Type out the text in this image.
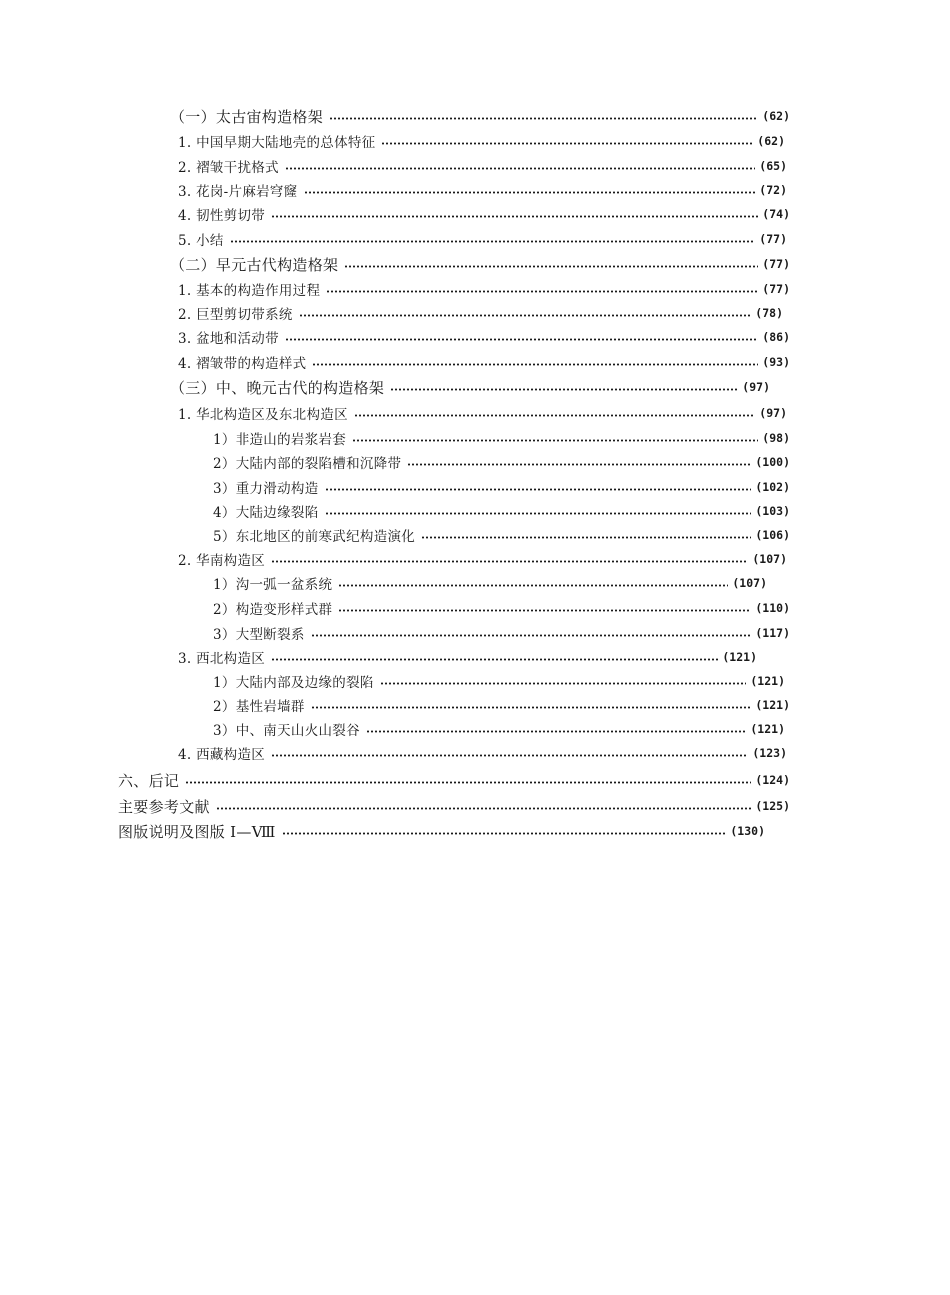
（一）太古宙构造格架	(62)
1. 中国早期大陆地壳的总体特征	(62)
2. 褶皱干扰格式	(65)
3. 花岗-片麻岩穹窿	(72)
4. 韧性剪切带	(74)
5. 小结	(77)
（二）早元古代构造格架	(77)
1. 基本的构造作用过程	(77)
2. 巨型剪切带系统	(78)
3. 盆地和活动带	(86)
4. 褶皱带的构造样式	(93)
（三）中、晚元古代的构造格架	(97)
1. 华北构造区及东北构造区	(97)
1）非造山的岩浆岩套	(98)
2）大陆内部的裂陷槽和沉降带	(100)
3）重力滑动构造	(102)
4）大陆边缘裂陷	(103)
5）东北地区的前寒武纪构造演化	(106)
2. 华南构造区	(107)
1）沟一弧一盆系统	(107)
2）构造变形样式群	(110)
3）大型断裂系	(117)
3. 西北构造区	(121)
1）大陆内部及边缘的裂陷	(121)
2）基性岩墙群	(121)
3）中、南天山火山裂谷	(121)
4. 西藏构造区	(123)
六、后记	(124)
主要参考文献	(125)
图版说明及图版 Ⅰ—Ⅷ	(130)
